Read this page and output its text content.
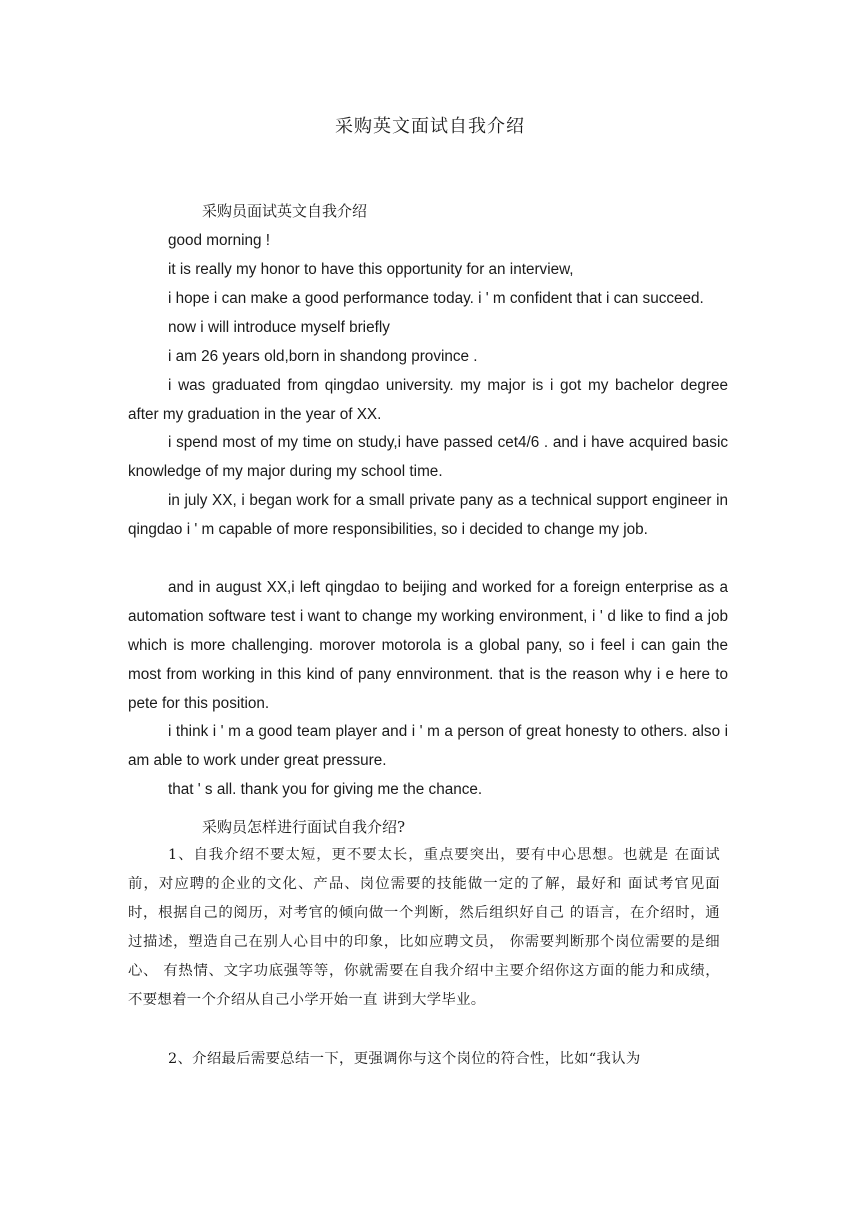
采购英文面试自我介绍
采购员面试英文自我介绍

good morning !

it is really my honor to have this opportunity for an interview,

i hope i can make a good performance today. i ' m confident that i can succeed.

now i will introduce myself briefly

i am 26 years old,born in shandong province .

i was graduated from qingdao university. my major is i got my bachelor degree after my graduation in the year of XX.

i spend most of my time on study,i have passed cet4/6 . and i have acquired basic knowledge of my major during my school time.

in july XX, i began work for a small private pany as a technical support engineer in qingdao i ' m capable of more responsibilities, so i decided to change my job.

and in august XX,i left qingdao to beijing and worked for a foreign enterprise as a automation software test i want to change my working environment, i ' d like to find a job which is more challenging. morover motorola is a global pany, so i feel i can gain the most from working in this kind of pany ennvironment. that is the reason why i e here to pete for this position.

i think i ' m a good team player and i ' m a person of great honesty to others. also i am able to work under great pressure.

that ' s all. thank you for giving me the chance.

采购员怎样进行面试自我介绍?

1、自我介绍不要太短，更不要太长，重点要突出，要有中心思想。也就是 在面试前，对应聘的企业的文化、产品、岗位需要的技能做一定的了解，最好和 面试考官见面时，根据自己的阅历，对考官的倾向做一个判断，然后组织好自己 的语言，在介绍时，通过描述，塑造自己在别人心目中的印象，比如应聘文员， 你需要判断那个岗位需要的是细心、 有热情、文字功底强等等，你就需要在自我介绍中主要介绍你这方面的能力和成绩，不要想着一个介绍从自己小学开始一直 讲到大学毕业。

2、介绍最后需要总结一下，更强调你与这个岗位的符合性，比如“我认为
